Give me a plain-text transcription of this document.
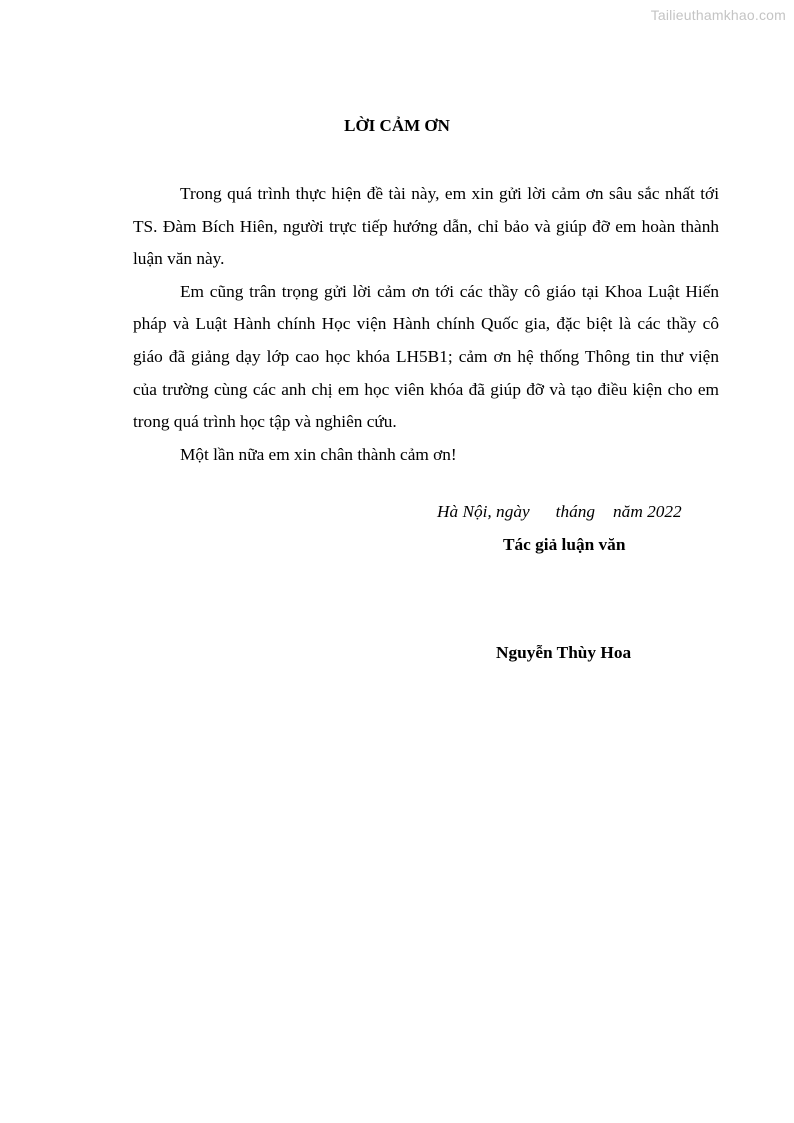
Tailieuthamkhao.com
LỜI CẢM ƠN

Trong quá trình thực hiện đề tài này, em xin gửi lời cảm ơn sâu sắc nhất tới TS. Đàm Bích Hiên, người trực tiếp hướng dẫn, chỉ bảo và giúp đỡ em hoàn thành luận văn này.

Em cũng trân trọng gửi lời cảm ơn tới các thầy cô giáo tại Khoa Luật Hiến pháp và Luật Hành chính Học viện Hành chính Quốc gia, đặc biệt là các thầy cô giáo đã giảng dạy lớp cao học khóa LH5B1; cảm ơn hệ thống Thông tin thư viện của trường cùng các anh chị em học viên khóa đã giúp đỡ và tạo điều kiện cho em trong quá trình học tập và nghiên cứu.

Một lần nữa em xin chân thành cảm ơn!

Hà Nội, ngày tháng năm 2022
Tác giả luận văn
Nguyễn Thùy Hoa
